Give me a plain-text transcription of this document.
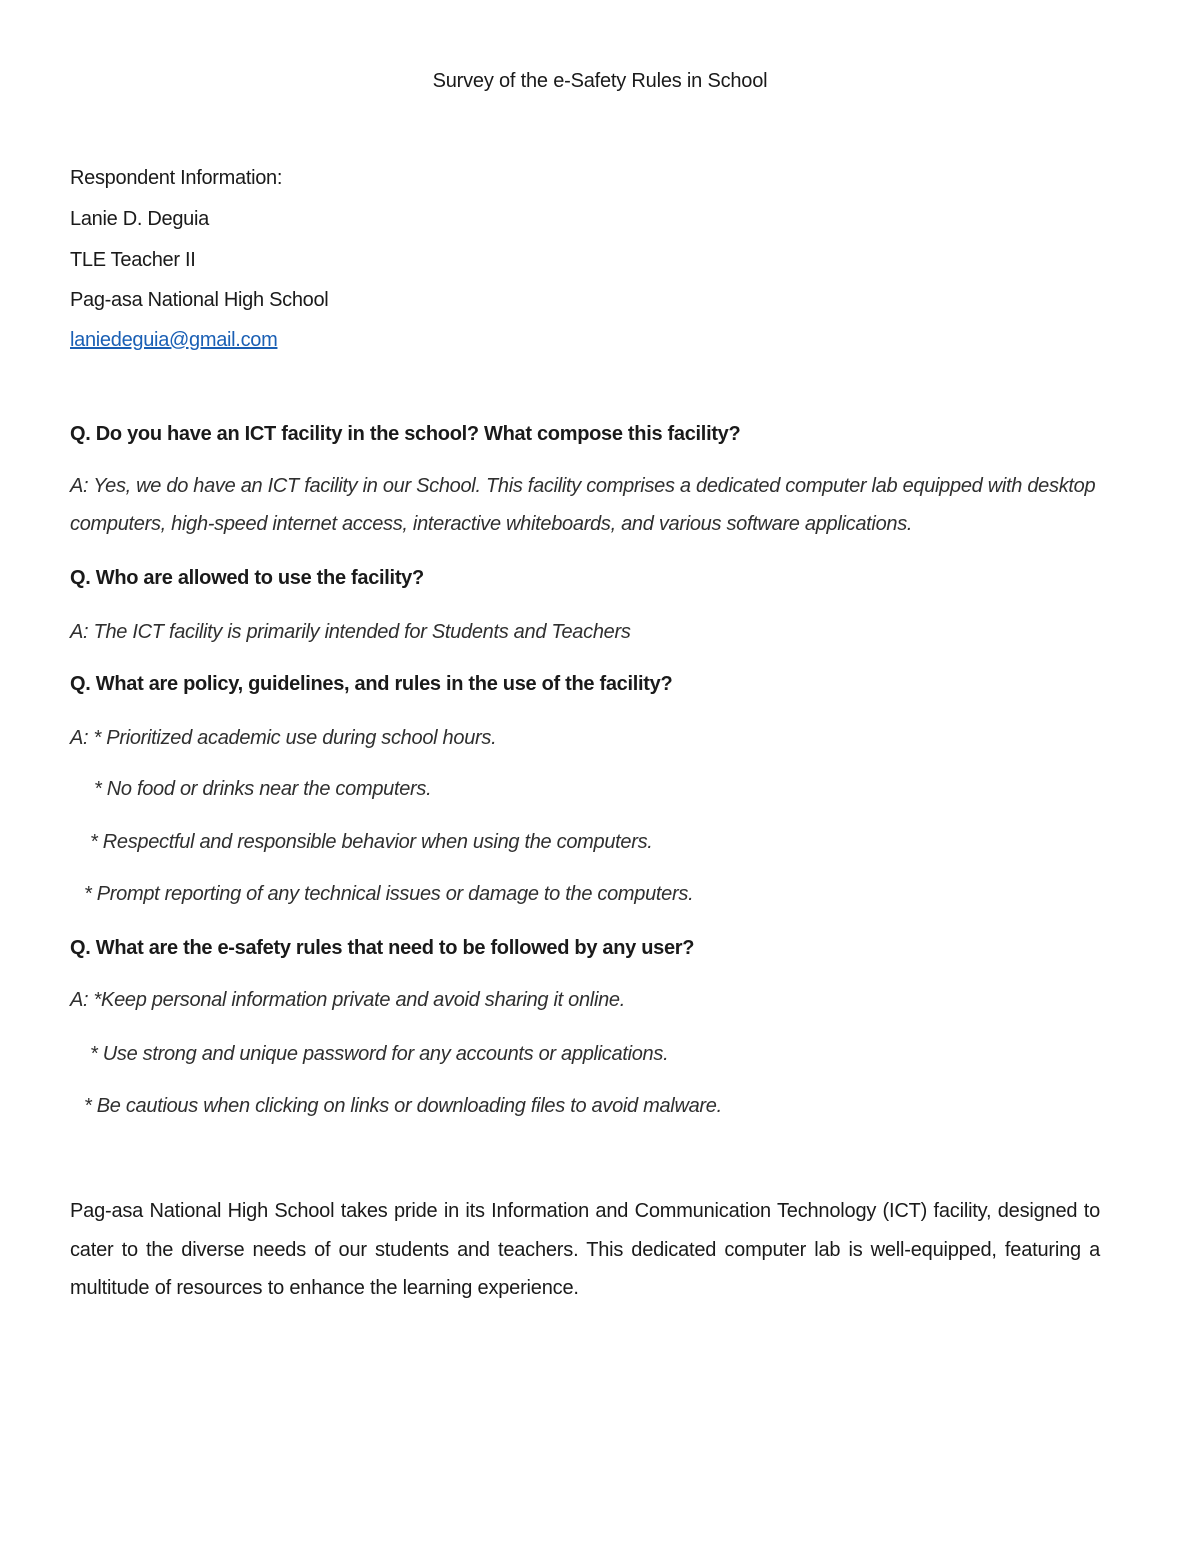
Survey of the e-Safety Rules in School

Respondent Information:

Lanie D. Deguia

TLE Teacher II

Pag-asa National High School

laniedeguia@gmail.com

Q. Do you have an ICT facility in the school? What compose this facility?

A: Yes, we do have an ICT facility in our School. This facility comprises a dedicated computer lab equipped with desktop computers, high-speed internet access, interactive whiteboards, and various software applications.

Q. Who are allowed to use the facility?

A: The ICT facility is primarily intended for Students and Teachers

Q. What are policy, guidelines, and rules in the use of the facility?

A: * Prioritized academic use during school hours.

* No food or drinks near the computers.

* Respectful and responsible behavior when using the computers.

* Prompt reporting of any technical issues or damage to the computers.

Q. What are the e-safety rules that need to be followed by any user?

A: *Keep personal information private and avoid sharing it online.

* Use strong and unique password for any accounts or applications.

* Be cautious when clicking on links or downloading files to avoid malware.

Pag-asa National High School takes pride in its Information and Communication Technology (ICT) facility, designed to cater to the diverse needs of our students and teachers. This dedicated computer lab is well-equipped, featuring a multitude of resources to enhance the learning experience.
